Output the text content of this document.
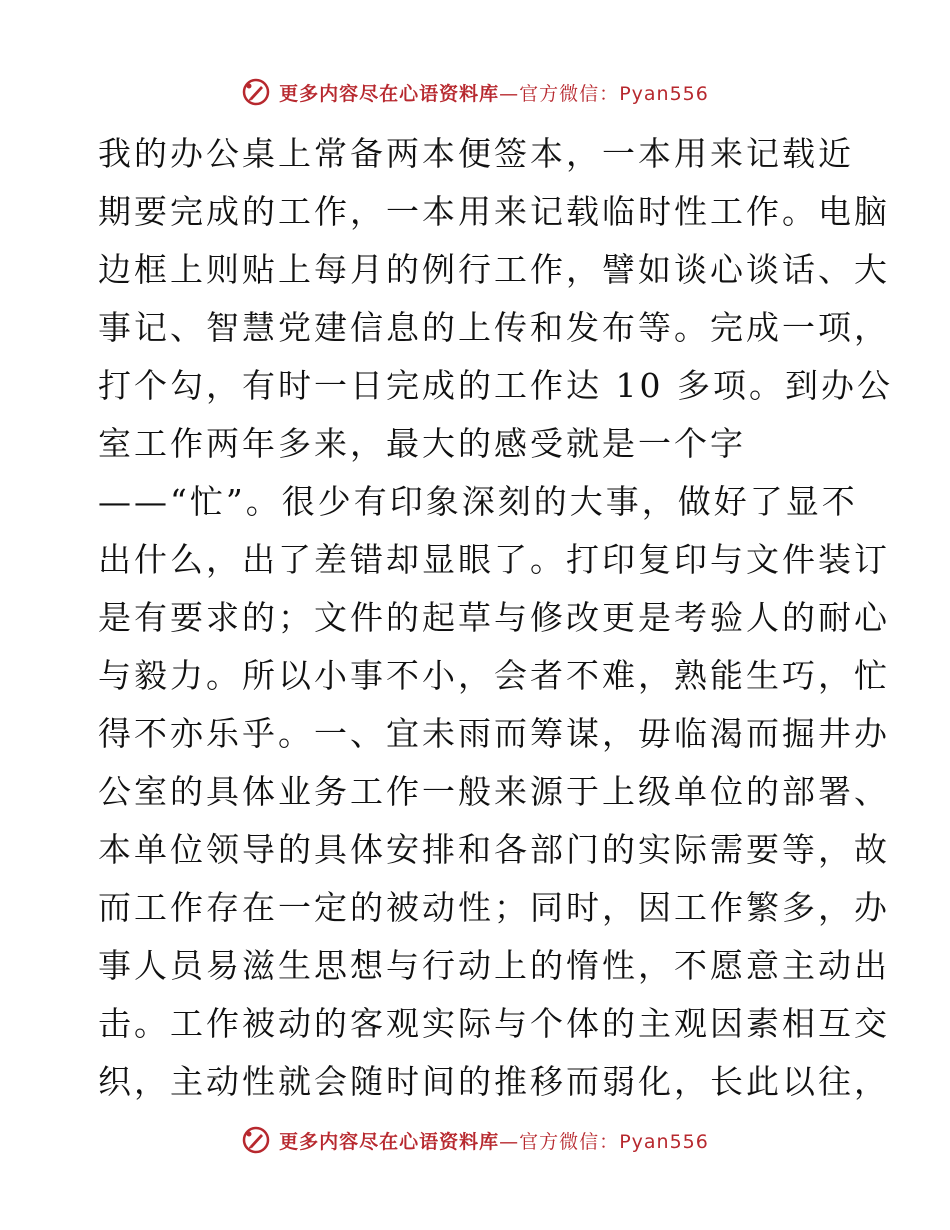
更多内容尽在心语资料库—官方微信：Pyan556
我的办公桌上常备两本便签本，一本用来记载近
期要完成的工作，一本用来记载临时性工作。电脑
边框上则贴上每月的例行工作，譬如谈心谈话、大
事记、智慧党建信息的上传和发布等。完成一项，
打个勾，有时一日完成的工作达 10 多项。到办公
室工作两年多来，最大的感受就是一个字
——“忙”。很少有印象深刻的大事，做好了显不
出什么，出了差错却显眼了。打印复印与文件装订
是有要求的；文件的起草与修改更是考验人的耐心
与毅力。所以小事不小，会者不难，熟能生巧，忙
得不亦乐乎。一、宜未雨而筹谋，毋临渴而掘井办
公室的具体业务工作一般来源于上级单位的部署、
本单位领导的具体安排和各部门的实际需要等，故
而工作存在一定的被动性；同时，因工作繁多，办
事人员易滋生思想与行动上的惰性，不愿意主动出
击。工作被动的客观实际与个体的主观因素相互交
织，主动性就会随时间的推移而弱化，长此以往，
更多内容尽在心语资料库—官方微信：Pyan556
